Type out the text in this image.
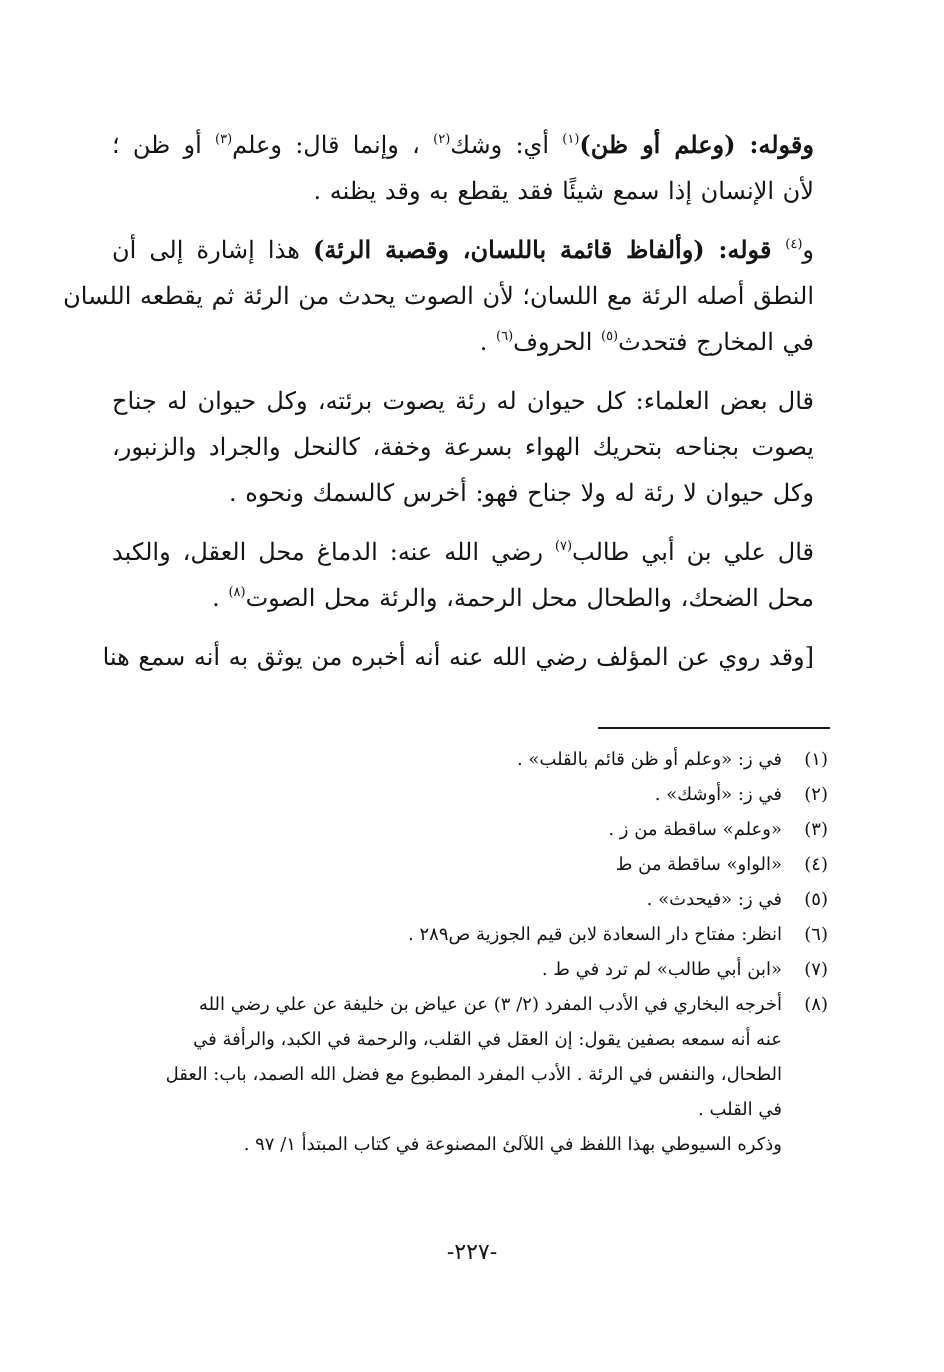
وقوله: (وعلم أو ظن)$^{(١)}$ أي: وشك$^{(٢)}$ ، وإنما قال: وعلم$^{(٣)}$ أو ظن ؛
لأن الإنسان إذا سمع شيئًا فقد يقطع به وقد يظنه .

و$^{(٤)}$ قوله: (وألفاظ قائمة باللسان، وقصبة الرئة) هذا إشارة إلى أن
النطق أصله الرئة مع اللسان؛ لأن الصوت يحدث من الرئة ثم يقطعه اللسان
في المخارج فتحدث$^{(٥)}$ الحروف$^{(٦)}$ .

قال بعض العلماء: كل حيوان له رئة يصوت برئته، وكل حيوان له جناح
يصوت بجناحه بتحريك الهواء بسرعة وخفة، كالنحل والجراد والزنبور،
وكل حيوان لا رئة له ولا جناح فهو: أخرس كالسمك ونحوه .

قال علي بن أبي طالب$^{(٧)}$ رضي الله عنه: الدماغ محل العقل، والكبد
محل الضحك، والطحال محل الرحمة، والرئة محل الصوت$^{(٨)}$ .

[وقد روي عن المؤلف رضي الله عنه أنه أخبره من يوثق به أنه سمع هنا

(١)
في ز: «وعلم أو ظن قائم بالقلب» .
(٢)
في ز: «أوشك» .
(٣)
«وعلم» ساقطة من ز .
(٤)
«الواو» ساقطة من ط
(٥)
في ز: «فيحدث» .
(٦)
انظر: مفتاح دار السعادة لابن قيم الجوزية ص٢٨٩ .
(٧)
«ابن أبي طالب» لم ترد في ط .
(٨)
أخرجه البخاري في الأدب المفرد (٢/ ٣) عن عياض بن خليفة عن علي رضي الله
عنه أنه سمعه بصفين يقول: إن العقل في القلب، والرحمة في الكبد، والرأفة في
الطحال، والنفس في الرئة . الأدب المفرد المطبوع مع فضل الله الصمد، باب: العقل
في القلب .
وذكره السيوطي بهذا اللفظ في اللآلئ المصنوعة في كتاب المبتدأ ١/ ٩٧ .
-٢٢٧-
